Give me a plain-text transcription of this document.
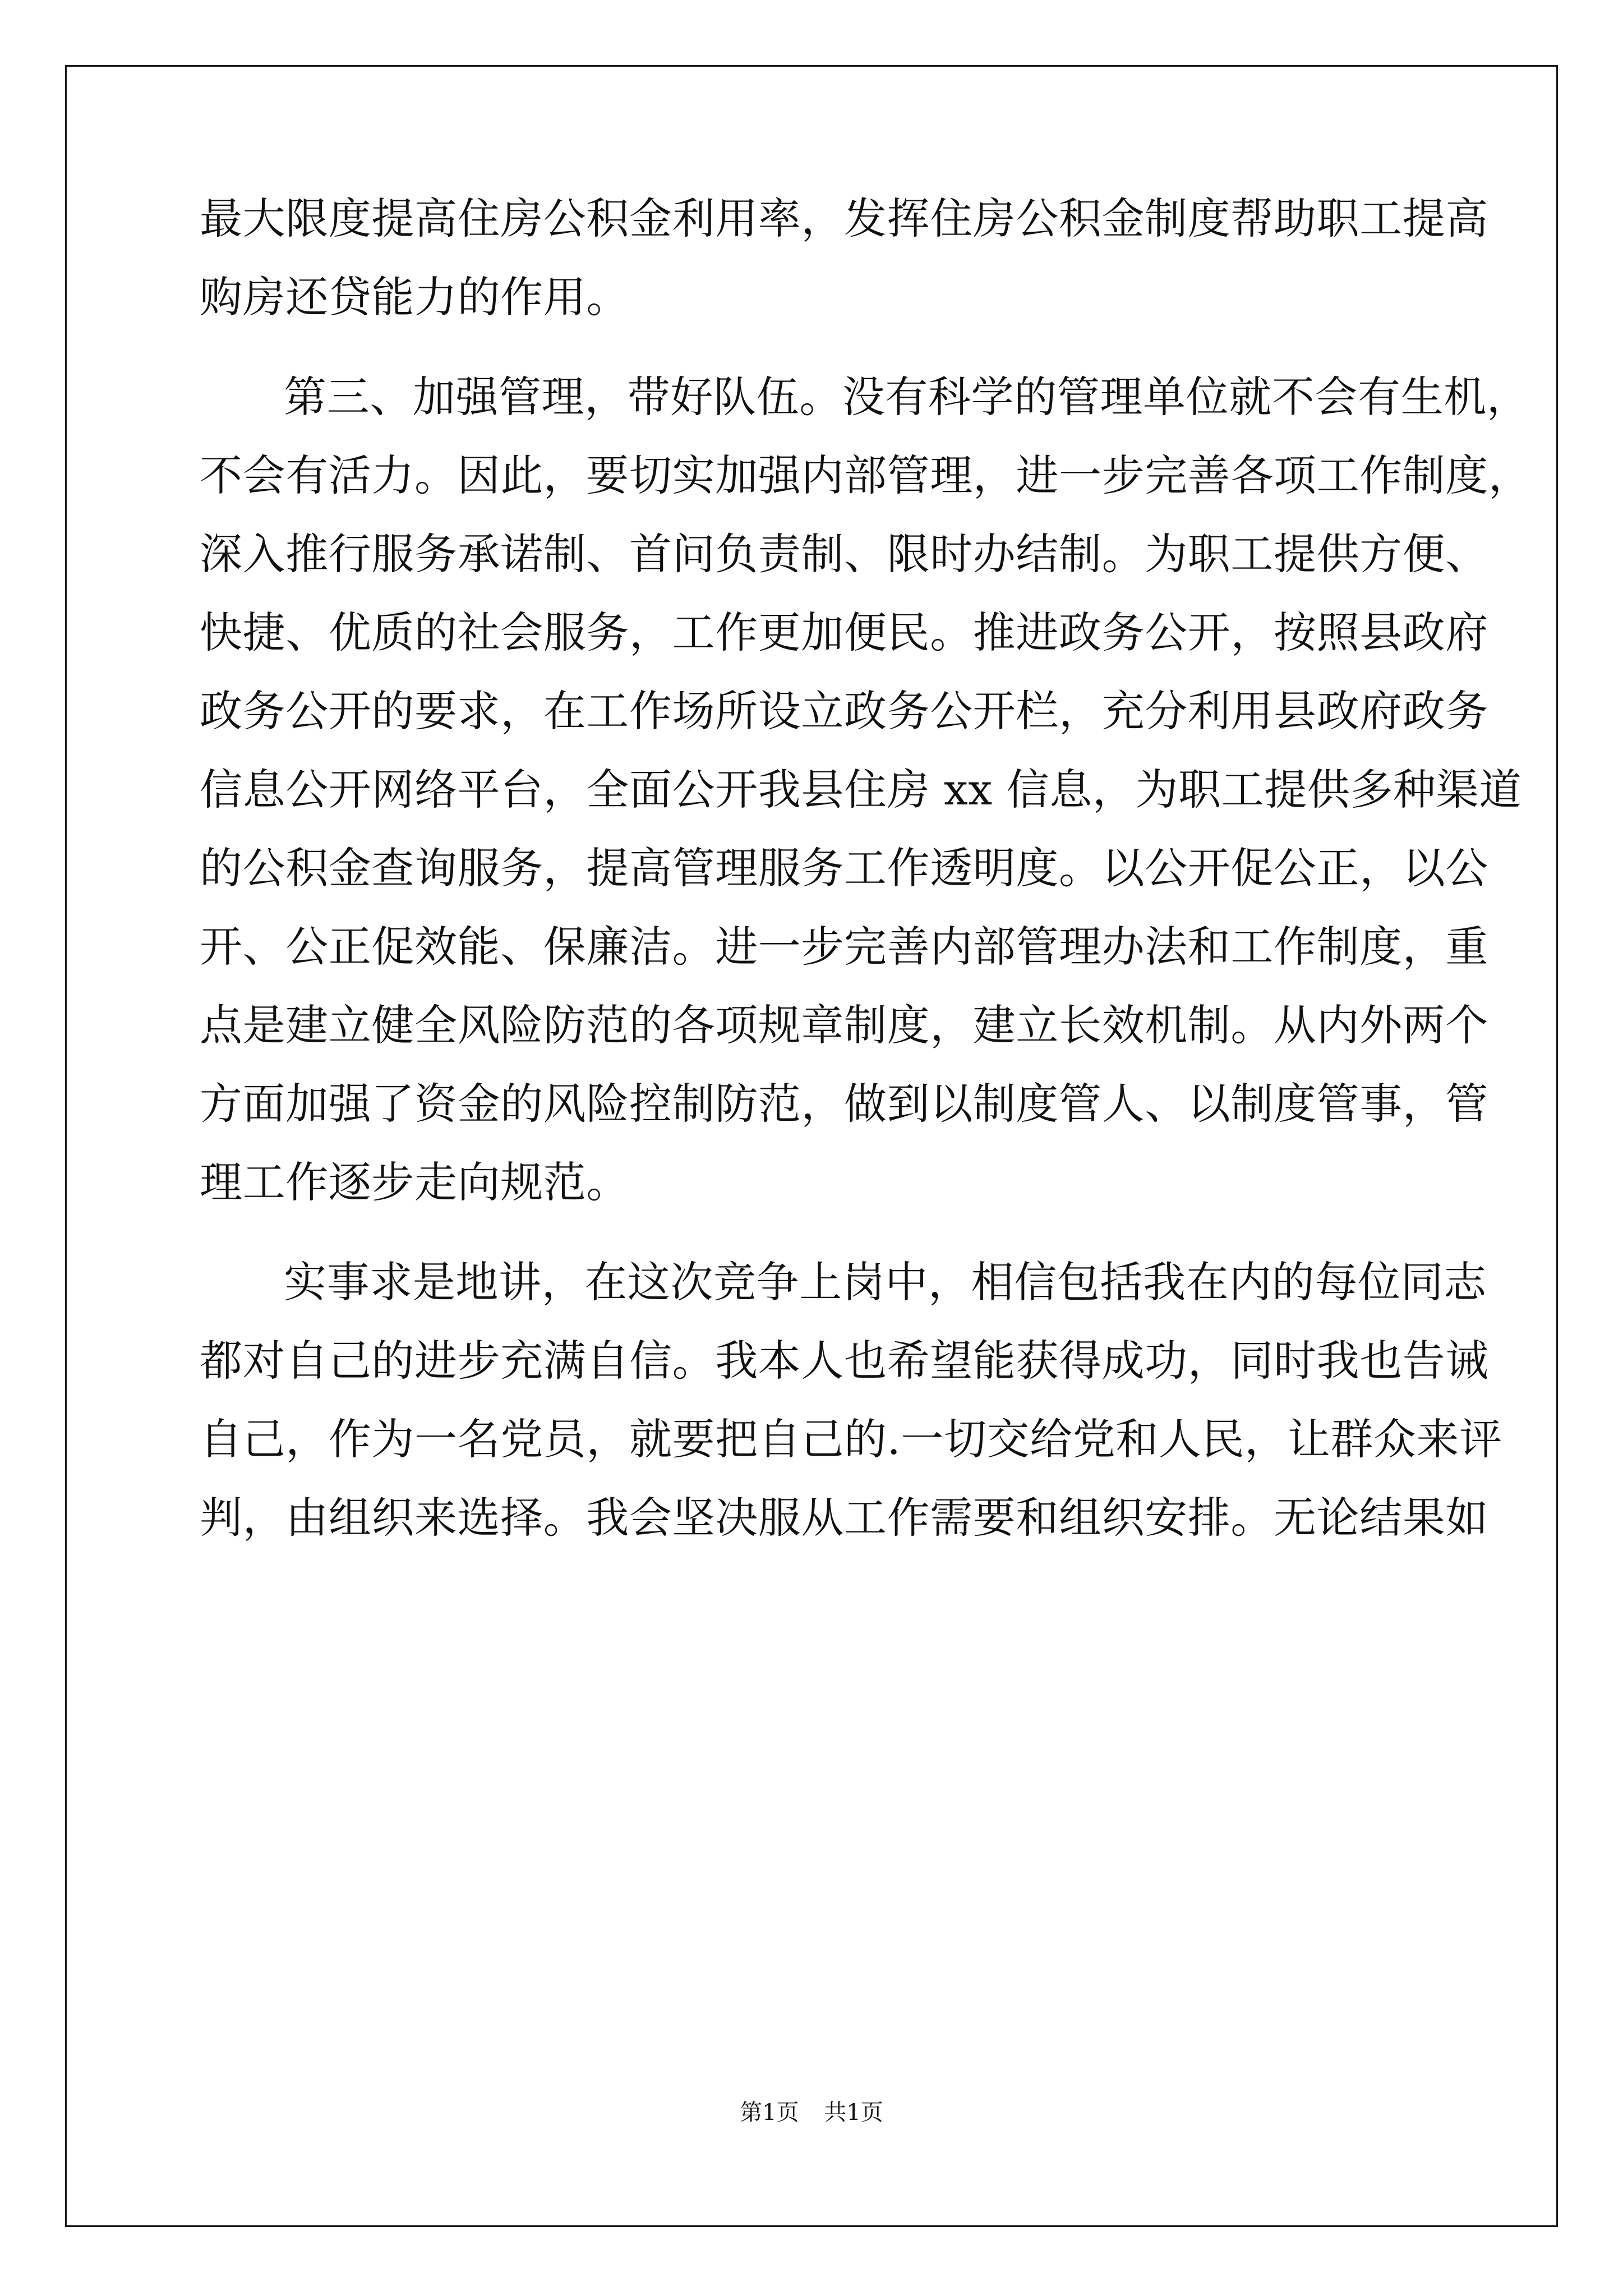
最大限度提高住房公积金利用率，发挥住房公积金制度帮助职工提高
购房还贷能力的作用。
第三、加强管理，带好队伍。没有科学的管理单位就不会有生机，
不会有活力。因此，要切实加强内部管理，进一步完善各项工作制度，
深入推行服务承诺制、首问负责制、限时办结制。为职工提供方便、
快捷、优质的社会服务，工作更加便民。推进政务公开，按照县政府
政务公开的要求，在工作场所设立政务公开栏，充分利用县政府政务
信息公开网络平台，全面公开我县住房 xx 信息，为职工提供多种渠道
的公积金查询服务，提高管理服务工作透明度。以公开促公正，以公
开、公正促效能、保廉洁。进一步完善内部管理办法和工作制度，重
点是建立健全风险防范的各项规章制度，建立长效机制。从内外两个
方面加强了资金的风险控制防范，做到以制度管人、以制度管事，管
理工作逐步走向规范。
实事求是地讲，在这次竞争上岗中，相信包括我在内的每位同志
都对自己的进步充满自信。我本人也希望能获得成功，同时我也告诫
自己，作为一名党员，就要把自己的.一切交给党和人民，让群众来评
判，由组织来选择。我会坚决服从工作需要和组织安排。无论结果如
第1页 共1页
